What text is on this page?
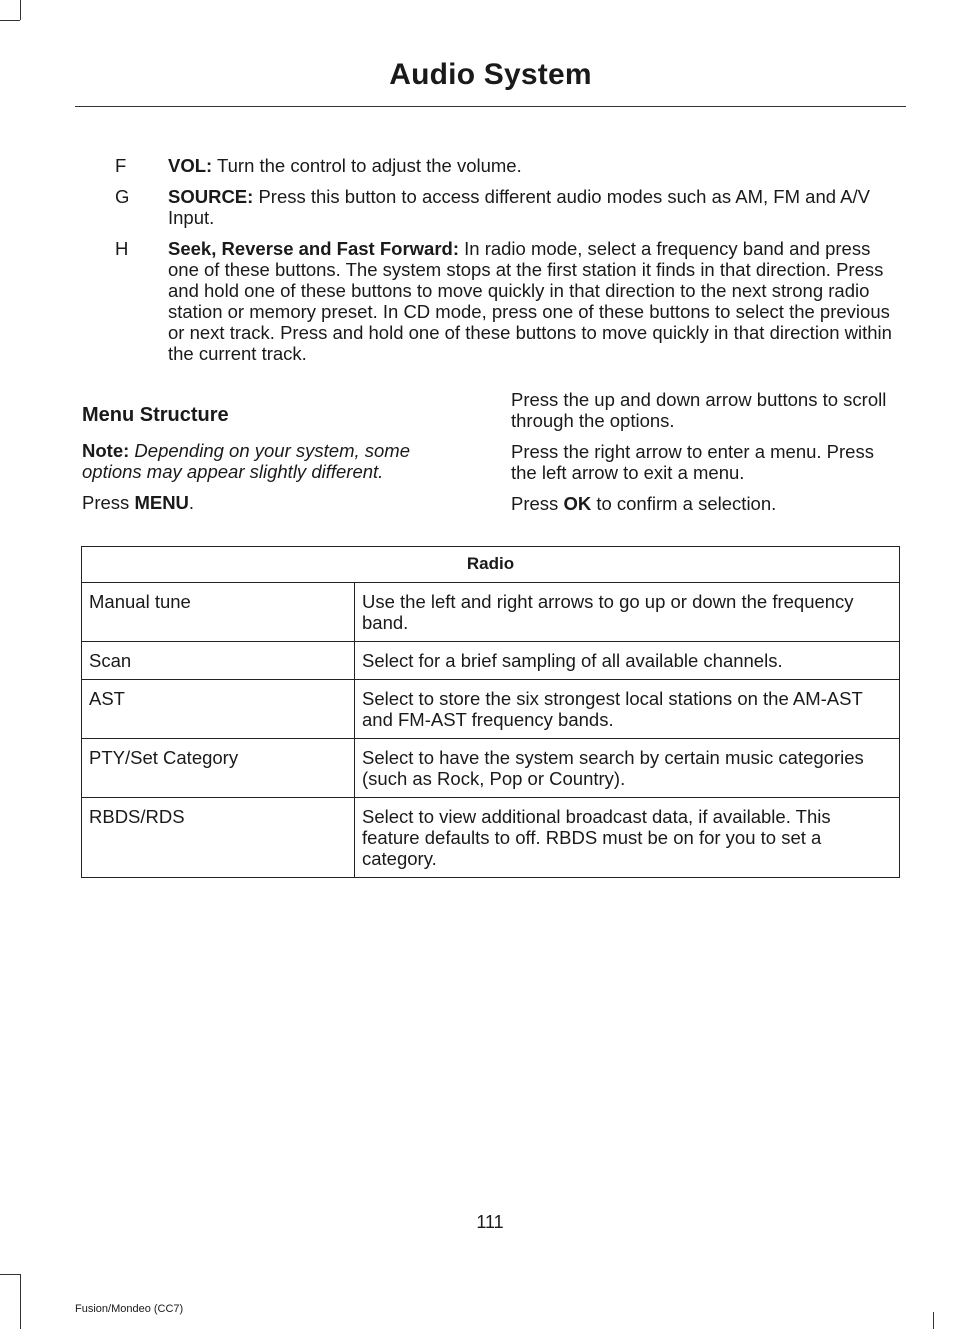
Audio System
F	VOL: Turn the control to adjust the volume.
G	SOURCE: Press this button to access different audio modes such as AM, FM and A/V Input.
H	Seek, Reverse and Fast Forward: In radio mode, select a frequency band and press one of these buttons. The system stops at the first station it finds in that direction. Press and hold one of these buttons to move quickly in that direction to the next strong radio station or memory preset. In CD mode, press one of these buttons to select the previous or next track. Press and hold one of these buttons to move quickly in that direction within the current track.
Menu Structure

Note: Depending on your system, some options may appear slightly different.

Press MENU.

Press the up and down arrow buttons to scroll through the options.

Press the right arrow to enter a menu. Press the left arrow to exit a menu.

Press OK to confirm a selection.

Radio	
Manual tune	Use the left and right arrows to go up or down the frequency band.
Scan	Select for a brief sampling of all available channels.
AST	Select to store the six strongest local stations on the AM-AST and FM-AST frequency bands.
PTY/Set Category	Select to have the system search by certain music categories (such as Rock, Pop or Country).
RBDS/RDS	Select to view additional broadcast data, if available. This feature defaults to off. RBDS must be on for you to set a category.
111
Fusion/Mondeo (CC7)
